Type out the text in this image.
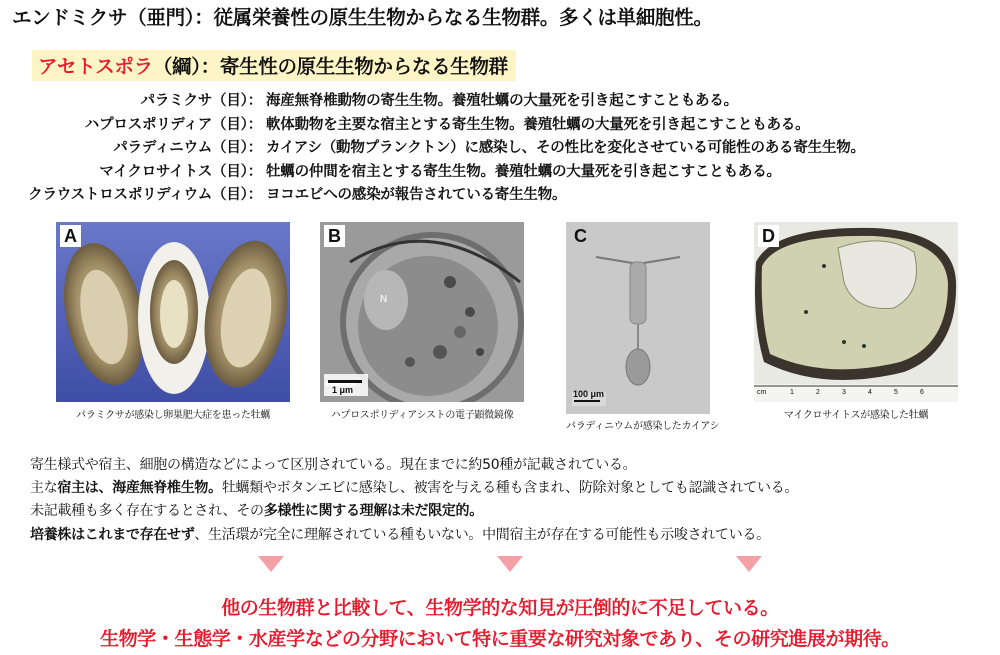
エンドミクサ（亜門）：従属栄養性の原生生物からなる生物群。多くは単細胞性。
アセトスポラ（綱）：寄生性の原生生物からなる生物群
パラミクサ（目）： 海産無脊椎動物の寄生生物。養殖牡蠣の大量死を引き起こすこともある。
ハプロスポリディア（目）： 軟体動物を主要な宿主とする寄生生物。養殖牡蠣の大量死を引き起こすこともある。
パラディニウム（目）： カイアシ（動物プランクトン）に感染し、その性比を変化させている可能性のある寄生生物。
マイクロサイトス（目）： 牡蠣の仲間を宿主とする寄生生物。養殖牡蠣の大量死を引き起こすこともある。
クラウストロスポリディウム（目）： ヨコエビへの感染が報告されている寄生生物。
A
パラミクサが感染し卵巣肥大症を患った牡蠣
B
1 μm
N
ハプロスポリディアシストの電子顕微鏡像
C
100 μm
パラディニウムが感染したカイアシ
D
cm	1	2	3	4	5	6
マイクロサイトスが感染した牡蠣
寄生様式や宿主、細胞の構造などによって区別されている。現在までに約50種が記載されている。
主な宿主は、海産無脊椎生物。牡蠣類やボタンエビに感染し、被害を与える種も含まれ、防除対象としても認識されている。
未記載種も多く存在するとされ、その多様性に関する理解は未だ限定的。
培養株はこれまで存在せず、生活環が完全に理解されている種もいない。中間宿主が存在する可能性も示唆されている。
他の生物群と比較して、生物学的な知見が圧倒的に不足している。
生物学・生態学・水産学などの分野において特に重要な研究対象であり、その研究進展が期待。
